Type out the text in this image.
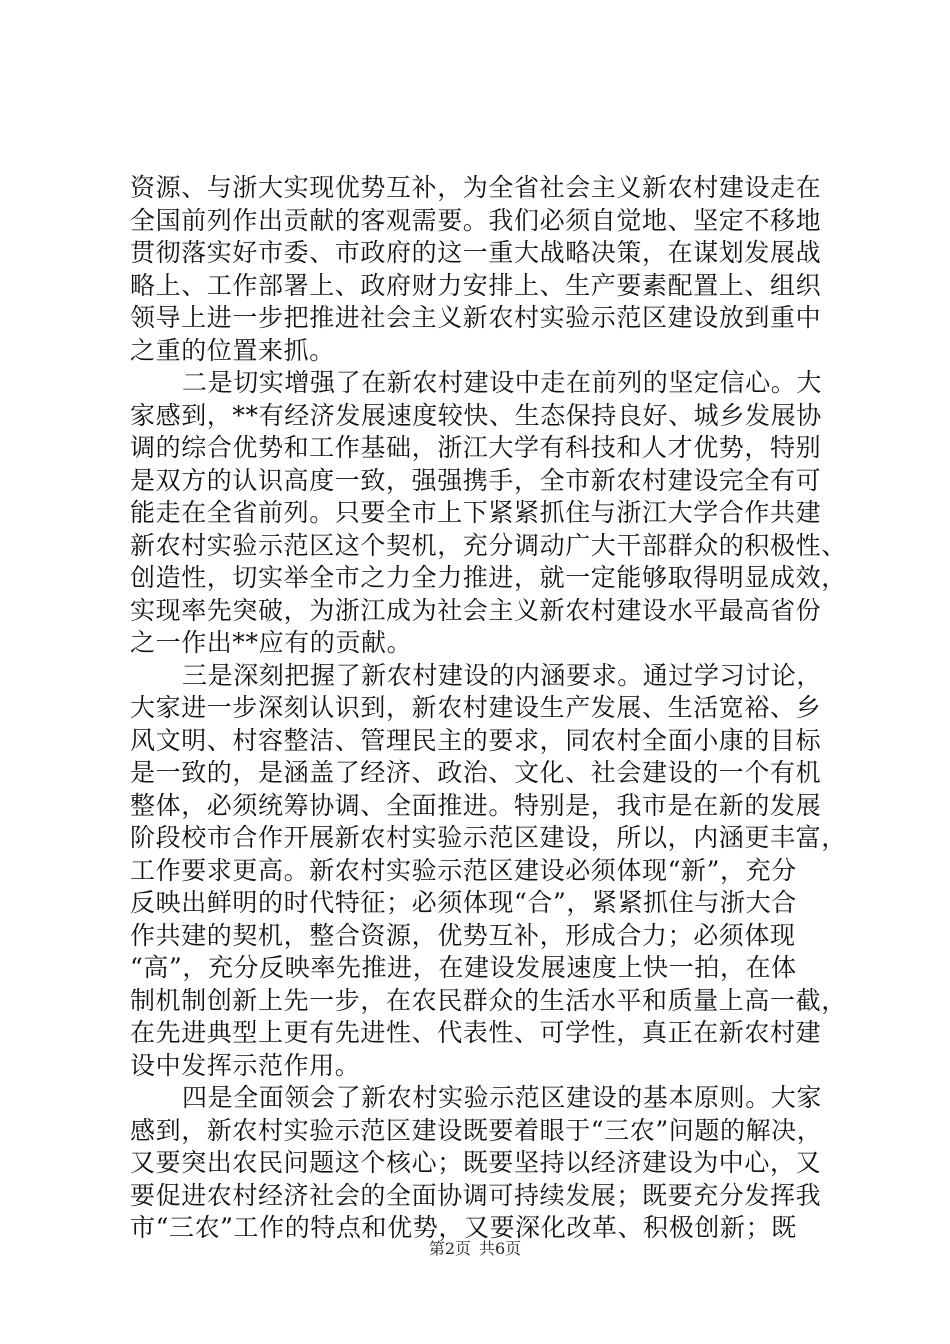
资源、与浙大实现优势互补，为全省社会主义新农村建设走在
全国前列作出贡献的客观需要。我们必须自觉地、坚定不移地
贯彻落实好市委、市政府的这一重大战略决策，在谋划发展战
略上、工作部署上、政府财力安排上、生产要素配置上、组织
领导上进一步把推进社会主义新农村实验示范区建设放到重中
之重的位置来抓。
二是切实增强了在新农村建设中走在前列的坚定信心。大
家感到，**有经济发展速度较快、生态保持良好、城乡发展协
调的综合优势和工作基础，浙江大学有科技和人才优势，特别
是双方的认识高度一致，强强携手，全市新农村建设完全有可
能走在全省前列。只要全市上下紧紧抓住与浙江大学合作共建
新农村实验示范区这个契机，充分调动广大干部群众的积极性、
创造性，切实举全市之力全力推进，就一定能够取得明显成效，
实现率先突破，为浙江成为社会主义新农村建设水平最高省份
之一作出**应有的贡献。
三是深刻把握了新农村建设的内涵要求。通过学习讨论，
大家进一步深刻认识到，新农村建设生产发展、生活宽裕、乡
风文明、村容整洁、管理民主的要求，同农村全面小康的目标
是一致的，是涵盖了经济、政治、文化、社会建设的一个有机
整体，必须统筹协调、全面推进。特别是，我市是在新的发展
阶段校市合作开展新农村实验示范区建设，所以，内涵更丰富，
工作要求更高。新农村实验示范区建设必须体现“新”，充分
反映出鲜明的时代特征；必须体现“合”，紧紧抓住与浙大合
作共建的契机，整合资源，优势互补，形成合力；必须体现
“高”，充分反映率先推进，在建设发展速度上快一拍，在体
制机制创新上先一步，在农民群众的生活水平和质量上高一截，
在先进典型上更有先进性、代表性、可学性，真正在新农村建
设中发挥示范作用。
四是全面领会了新农村实验示范区建设的基本原则。大家
感到，新农村实验示范区建设既要着眼于“三农”问题的解决，
又要突出农民问题这个核心；既要坚持以经济建设为中心，又
要促进农村经济社会的全面协调可持续发展；既要充分发挥我
市“三农”工作的特点和优势，又要深化改革、积极创新；既
第2页 共6页
